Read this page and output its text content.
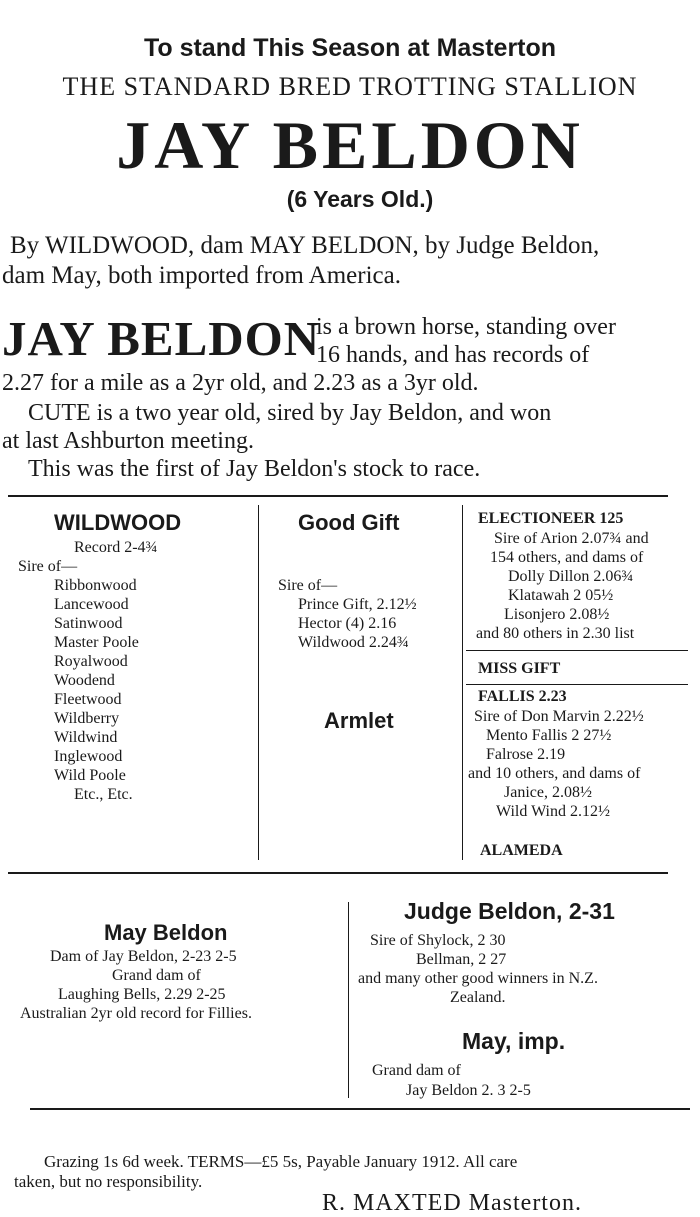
To stand This Season at Masterton
THE STANDARD BRED TROTTING STALLION
JAY BELDON
(6 Years Old.)
By WILDWOOD, dam MAY BELDON, by Judge Beldon,
dam May, both imported from America.
JAY BELDON
is a brown horse, standing over
16 hands, and has records of
2.27 for a mile as a 2yr old, and 2.23 as a 3yr old.
CUTE is a two year old, sired by Jay Beldon, and won
at last Ashburton meeting.
This was the first of Jay Beldon's stock to race.
WILDWOOD
Record 2-4¾
Sire of—
Ribbonwood
Lancewood
Satinwood
Master Poole
Royalwood
Woodend
Fleetwood
Wildberry
Wildwind
Inglewood
Wild Poole
Etc., Etc.
Good Gift
Sire of—
Prince Gift, 2.12½
Hector (4) 2.16
Wildwood 2.24¾
Armlet
ELECTIONEER 125
Sire of Arion 2.07¾ and
154 others, and dams of
Dolly Dillon 2.06¾
Klatawah 2 05½
Lisonjero 2.08½
and 80 others in 2.30 list
MISS GIFT
FALLIS 2.23
Sire of Don Marvin 2.22½
Mento Fallis 2 27½
Falrose 2.19
and 10 others, and dams of
Janice, 2.08½
Wild Wind 2.12½
ALAMEDA
May Beldon
Dam of Jay Beldon, 2-23 2-5
Grand dam of
Laughing Bells, 2.29 2-25
Australian 2yr old record for Fillies.
Judge Beldon, 2-31
Sire of Shylock, 2 30
Bellman, 2 27
and many other good winners in N.Z.
Zealand.
May, imp.
Grand dam of
Jay Beldon 2. 3 2-5
Grazing 1s 6d week. TERMS—£5 5s, Payable January 1912. All care
taken, but no responsibility.
R. MAXTED Masterton.
